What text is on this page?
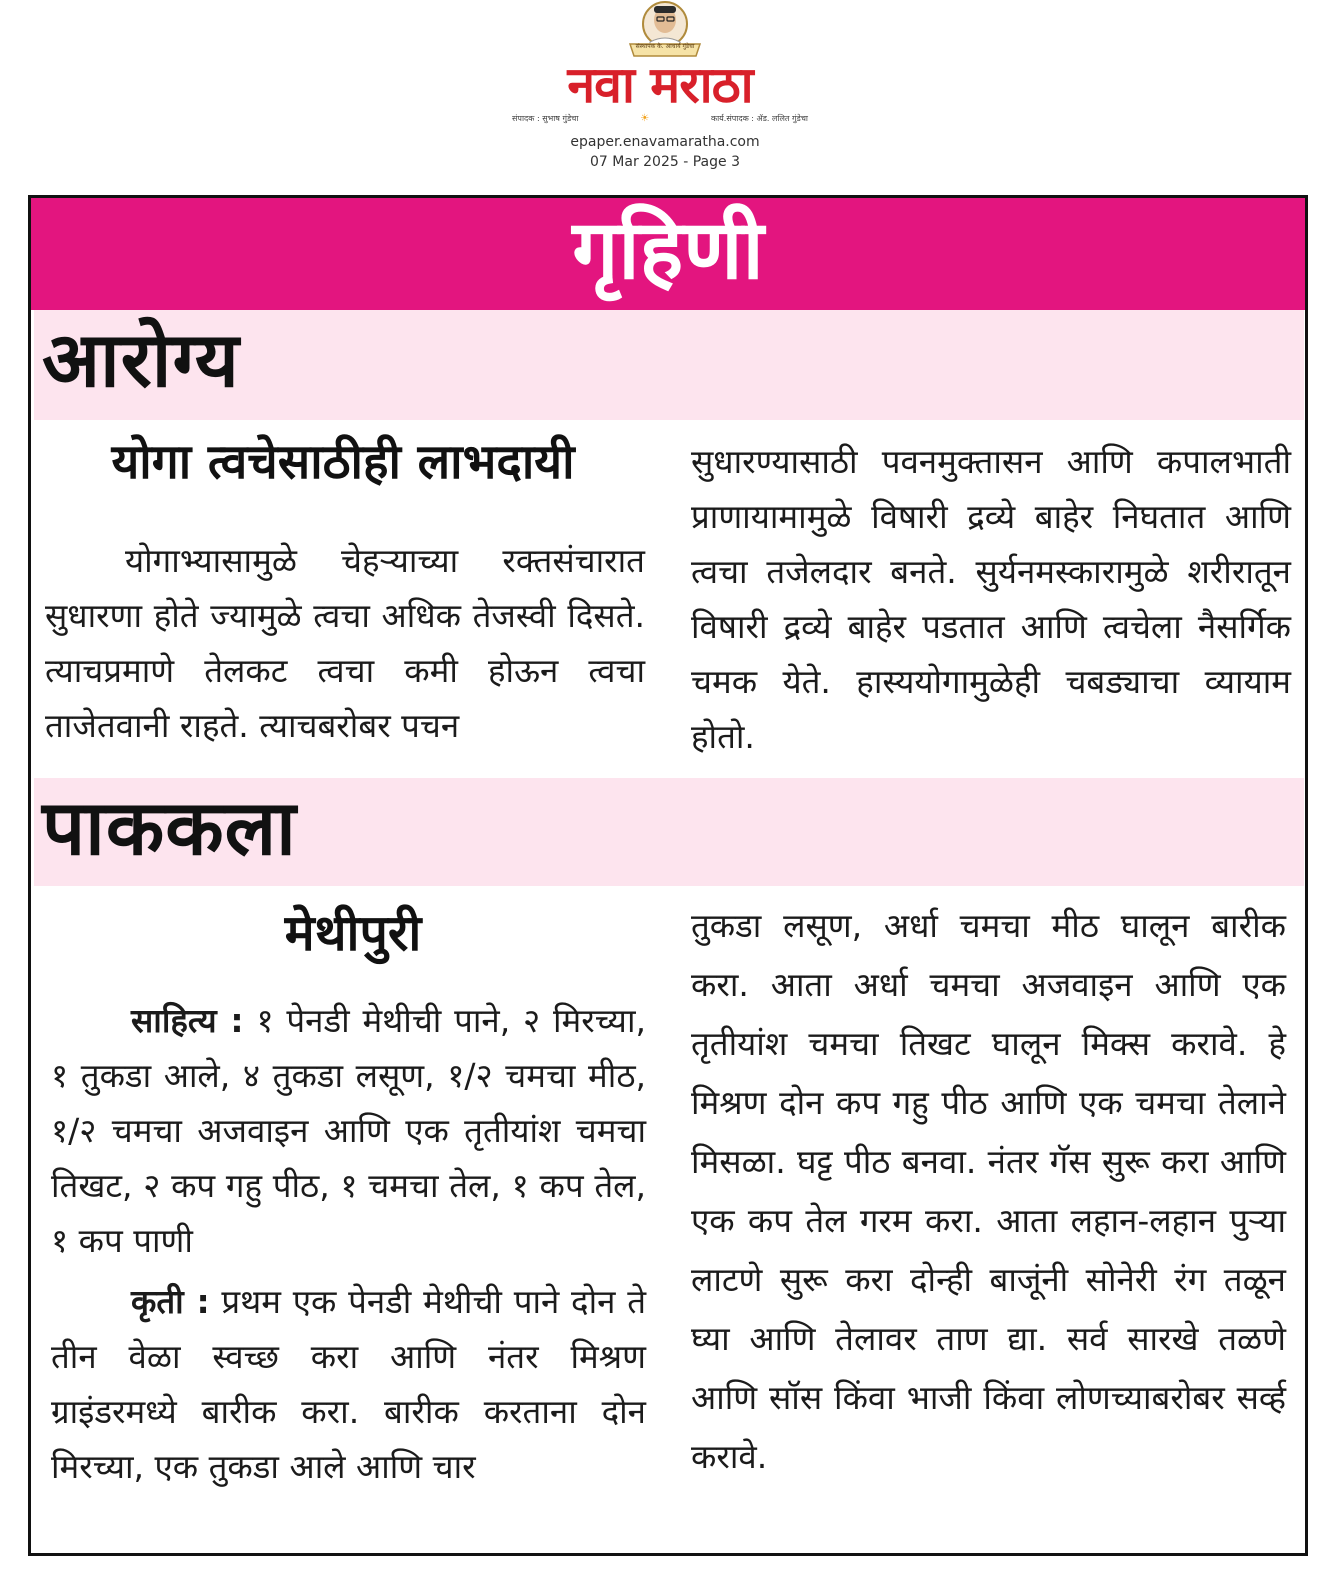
संस्थापक कै. आचार्य गुंडेचा
नवा मराठा
संपादक : सुभाष गुंडेचा	☀	कार्य.संपादक : ॲड. ललित गुंडेचा
epaper.enavamaratha.com
07 Mar 2025 - Page 3
गृहिणी
आरोग्य
योगा त्वचेसाठीही लाभदायी

योगाभ्यासामुळे चेहऱ्याच्या रक्तसंचारात सुधारणा होते ज्यामुळे त्वचा अधिक तेजस्वी दिसते. त्याचप्रमाणे तेलकट त्वचा कमी होऊन त्वचा ताजेतवानी राहते. त्याचबरोबर पचन

सुधारण्यासाठी पवनमुक्तासन आणि कपालभाती प्राणायामामुळे विषारी द्रव्ये बाहेर निघतात आणि त्वचा तजेलदार बनते. सुर्यनमस्कारामुळे शरीरातून विषारी द्रव्ये बाहेर पडतात आणि त्वचेला नैसर्गिक चमक येते. हास्ययोगामुळेही चबड्याचा व्यायाम होतो.

पाककला
मेथीपुरी

साहित्य : १ पेनडी मेथीची पाने, २ मिरच्या, १ तुकडा आले, ४ तुकडा लसूण, १/२ चमचा मीठ, १/२ चमचा अजवाइन आणि एक तृतीयांश चमचा तिखट, २ कप गहु पीठ, १ चमचा तेल, १ कप तेल, १ कप पाणी

कृती : प्रथम एक पेनडी मेथीची पाने दोन ते तीन वेळा स्वच्छ करा आणि नंतर मिश्रण ग्राइंडरमध्ये बारीक करा. बारीक करताना दोन मिरच्या, एक तुकडा आले आणि चार

तुकडा लसूण, अर्धा चमचा मीठ घालून बारीक करा. आता अर्धा चमचा अजवाइन आणि एक तृतीयांश चमचा तिखट घालून मिक्स करावे. हे मिश्रण दोन कप गहु पीठ आणि एक चमचा तेलाने मिसळा. घट्ट पीठ बनवा. नंतर गॅस सुरू करा आणि एक कप तेल गरम करा. आता लहान-लहान पुऱ्या लाटणे सुरू करा दोन्ही बाजूंनी सोनेरी रंग तळून घ्या आणि तेलावर ताण द्या. सर्व सारखे तळणे आणि सॉस किंवा भाजी किंवा लोणच्याबरोबर सर्व्ह करावे.
